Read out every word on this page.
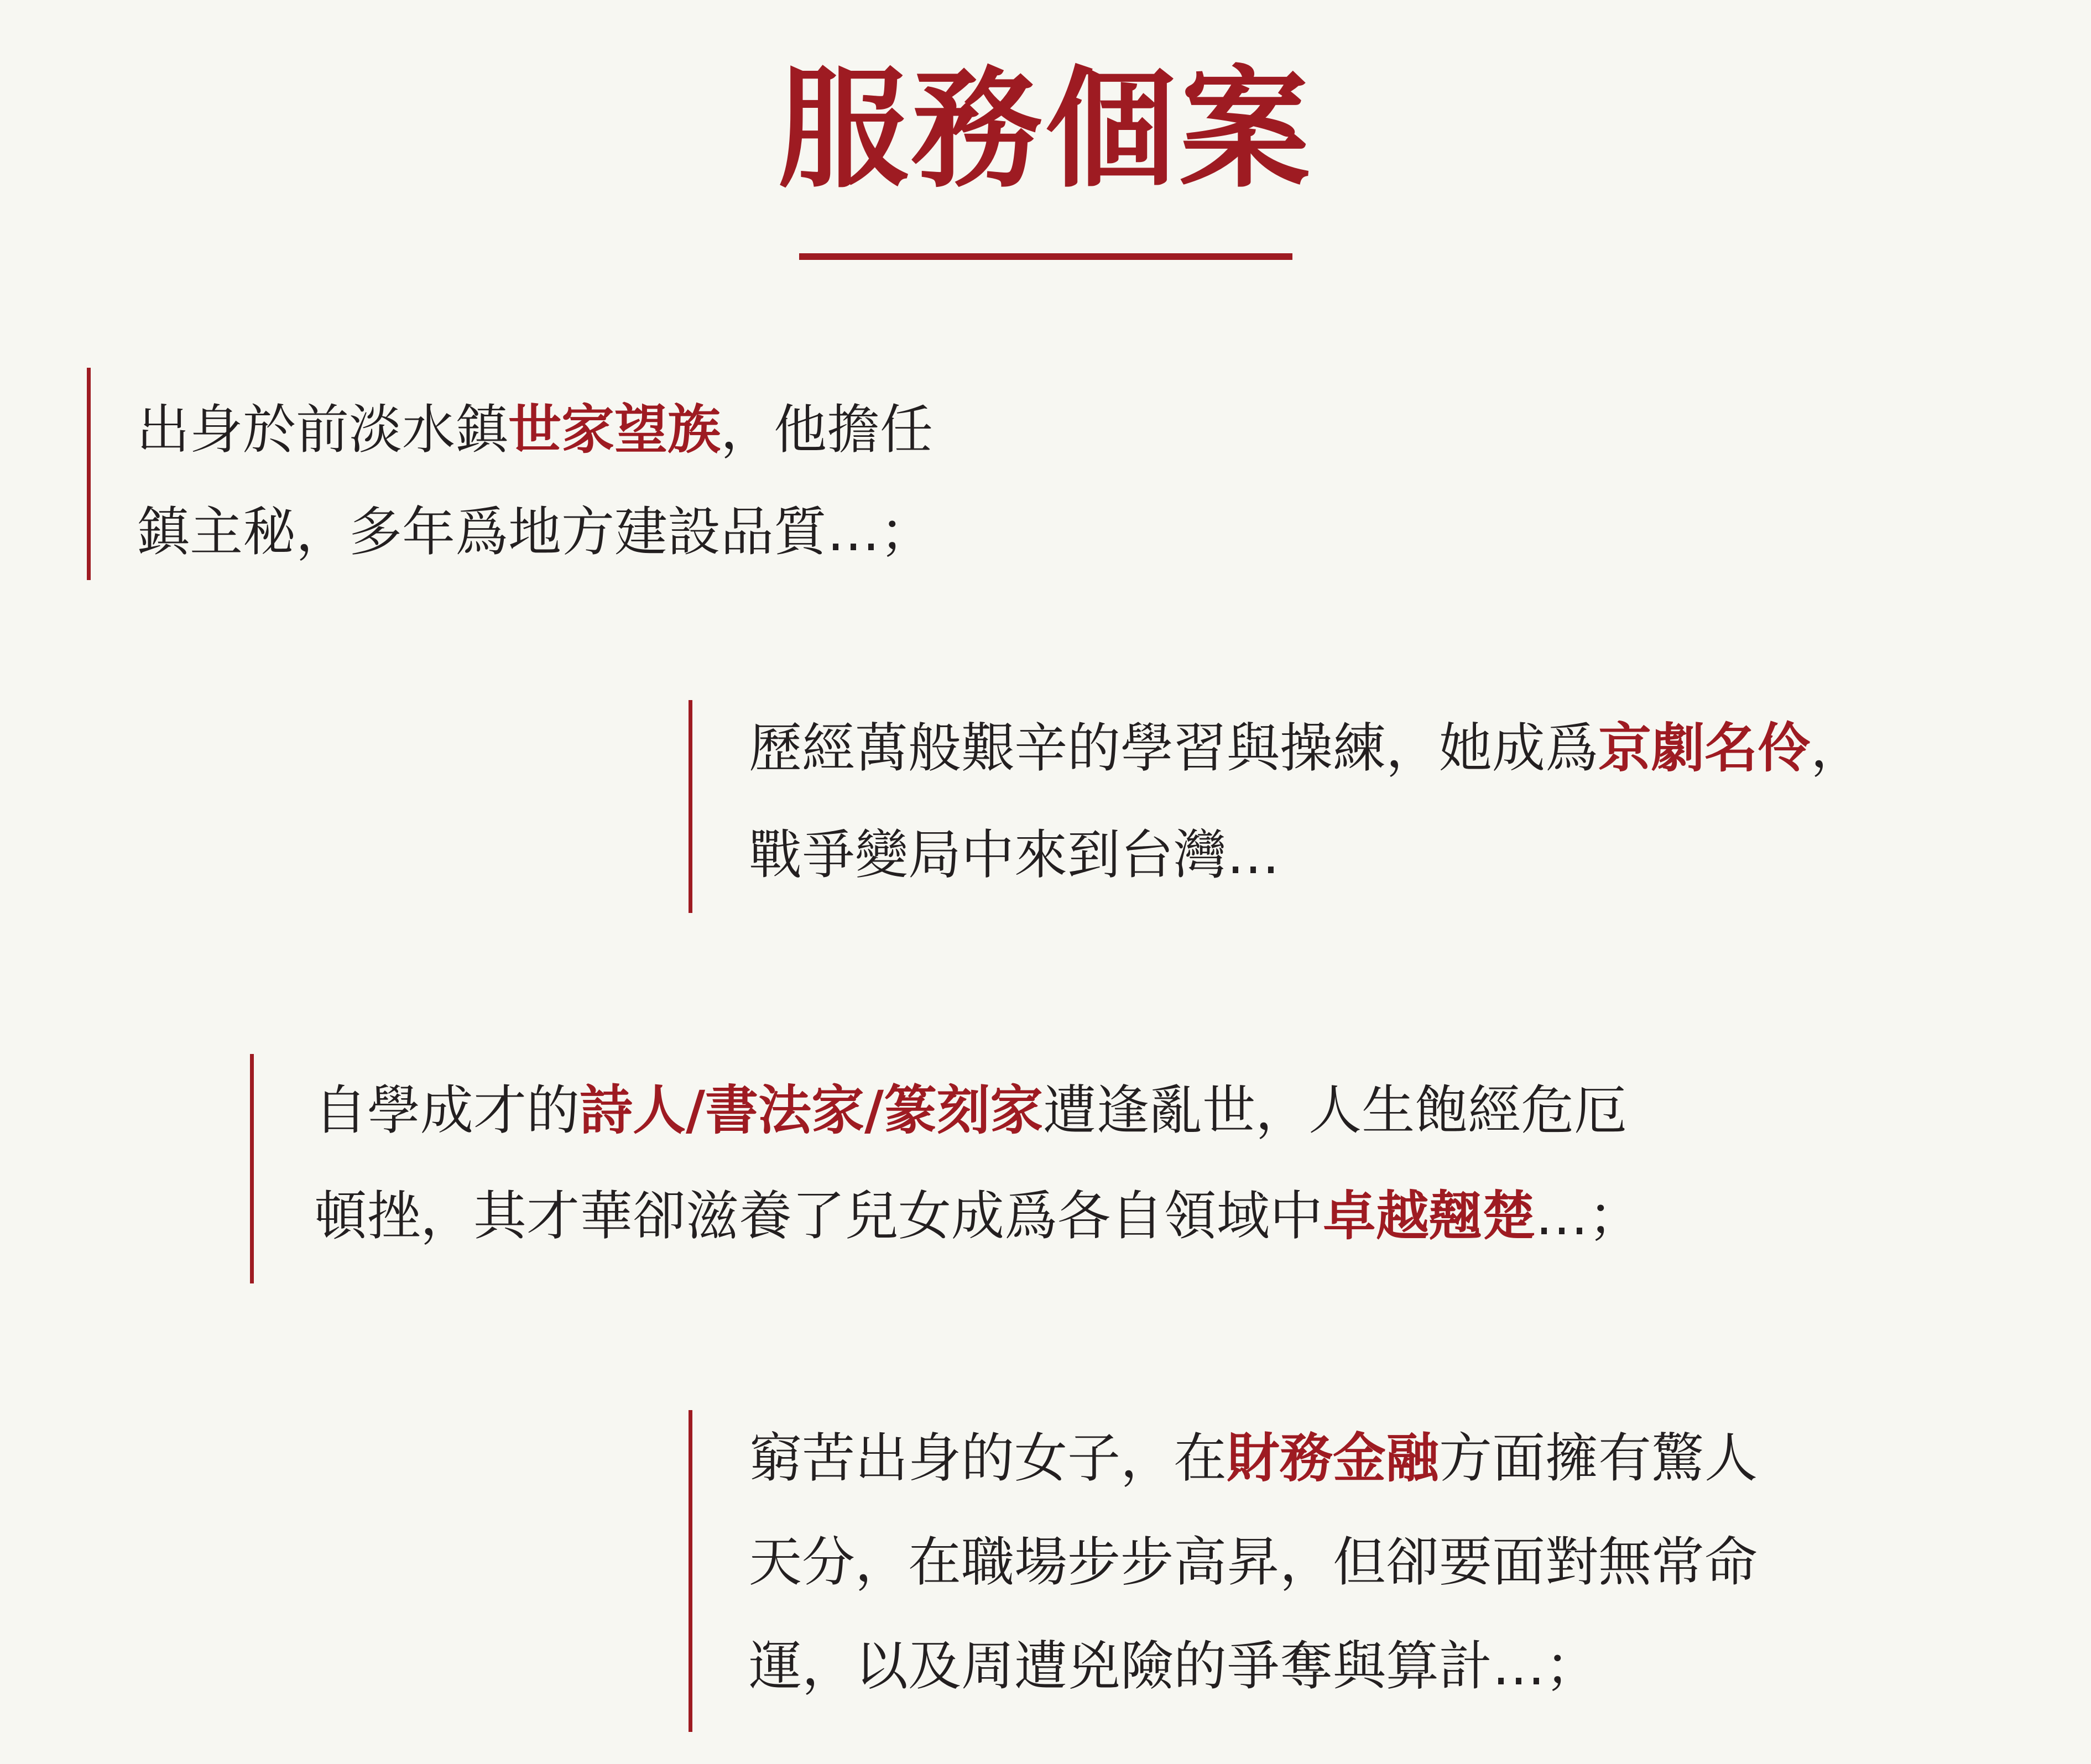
服務個案
出身於前淡水鎮世家望族，他擔任
鎮主秘，多年爲地方建設品質…；
歷經萬般艱辛的學習與操練，她成爲京劇名伶，
戰爭變局中來到台灣…
自學成才的詩人/書法家/篆刻家遭逢亂世，人生飽經危厄
頓挫，其才華卻滋養了兒女成爲各自領域中卓越翹楚…；
窮苦出身的女子，在財務金融方面擁有驚人
天分，在職場步步高昇，但卻要面對無常命
運，以及周遭兇險的爭奪與算計…；
